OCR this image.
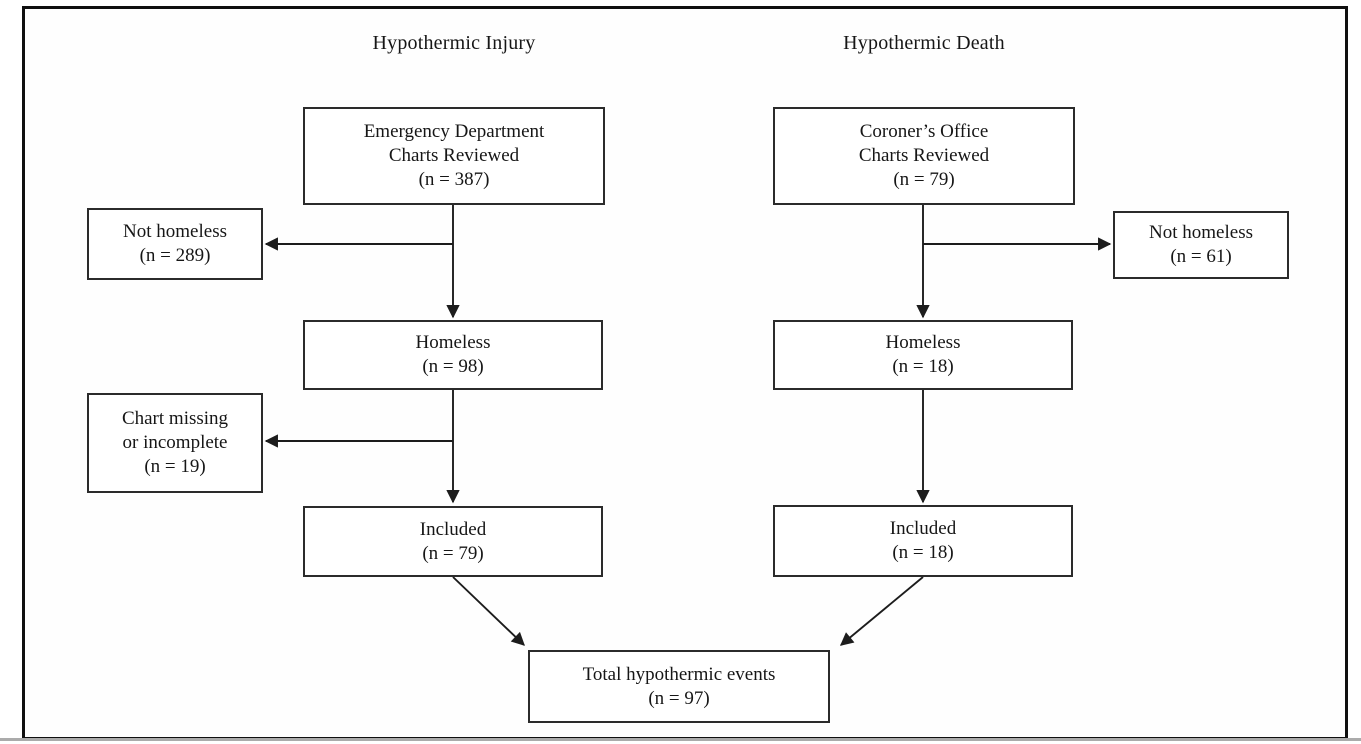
Hypothermic Injury	Hypothermic Death
Emergency Department
Charts Reviewed
(n = 387)
Not homeless
(n = 289)
Homeless
(n = 98)
Chart missing
or incomplete
(n = 19)
Included
(n = 79)
Coroner’s Office
Charts Reviewed
(n = 79)
Not homeless
(n = 61)
Homeless
(n = 18)
Included
(n = 18)
Total hypothermic events
(n = 97)
